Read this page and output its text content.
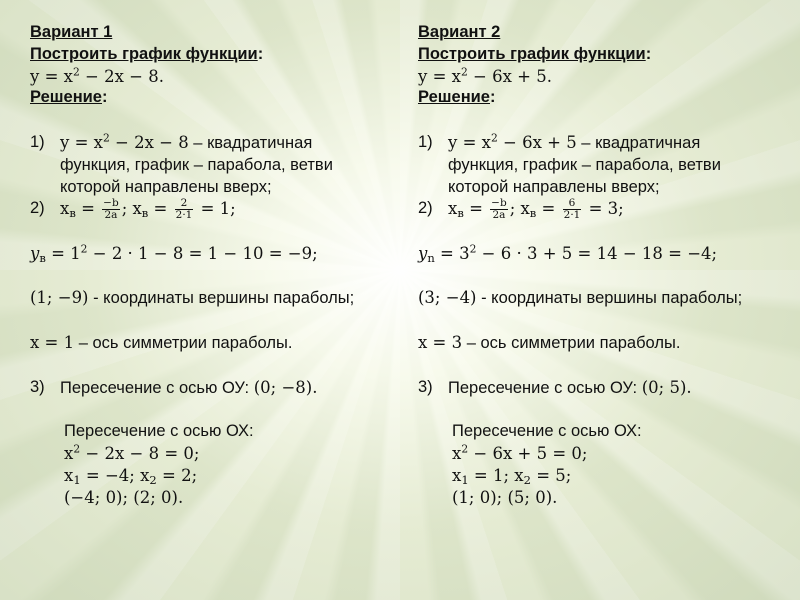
Вариант 1
Построить график функции:
$y = x^2 - 2x - 8$.
Решение:
1) $y = x^2 - 2x - 8$ – квадратичная
функция, график – парабола, ветви
которой направлены вверх;
2) $x_в = \frac{-b}{2a}$ ; $x_в = \frac{2}{2\cdot 1} = 1$;
$y_в = 1^2 - 2 \cdot 1 - 8 = 1 - 10 = -9$;
(1; −9) - координаты вершины параболы;
x = 1 – ось симметрии параболы.
3) Пересечение с осью ОУ: (0; −8).
Пересечение с осью ОХ:
$x^2 - 2x - 8 = 0$;
$x_1 = -4$; $x_2 = 2$;
(−4; 0); (2; 0).
Вариант 2
Построить график функции:
$y = x^2 - 6x + 5$.
Решение:
1) $y = x^2 - 6x + 5$ – квадратичная
функция, график – парабола, ветви
которой направлены вверх;
2) $x_в = \frac{-b}{2a}$ ; $x_в = \frac{6}{2\cdot 1} = 3$;
$y_n = 3^2 - 6 \cdot 3 + 5 = 14 - 18 = -4$;
(3; −4) - координаты вершины параболы;
x = 3 – ось симметрии параболы.
3) Пересечение с осью ОУ: (0; 5).
Пересечение с осью ОХ:
$x^2 - 6x + 5 = 0$;
$x_1 = 1$; $x_2 = 5$;
(1; 0); (5; 0).
